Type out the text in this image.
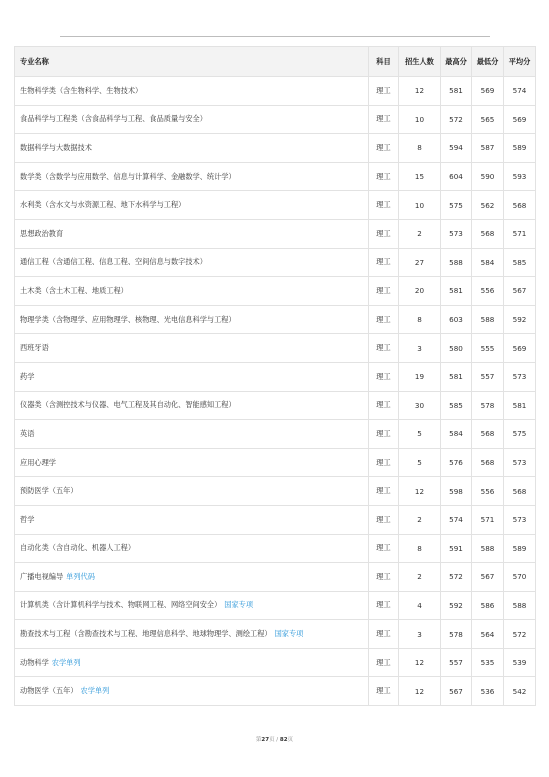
专业名称	科目	招生人数	最高分	最低分	平均分
生物科学类（含生物科学、生物技术）	理工	12	581	569	574
食品科学与工程类（含食品科学与工程、食品质量与安全）	理工	10	572	565	569
数据科学与大数据技术	理工	8	594	587	589
数学类（含数学与应用数学、信息与计算科学、金融数学、统计学）	理工	15	604	590	593
水利类（含水文与水资源工程、地下水科学与工程）	理工	10	575	562	568
思想政治教育	理工	2	573	568	571
通信工程（含通信工程、信息工程、空间信息与数字技术）	理工	27	588	584	585
土木类（含土木工程、地质工程）	理工	20	581	556	567
物理学类（含物理学、应用物理学、核物理、光电信息科学与工程）	理工	8	603	588	592
西班牙语	理工	3	580	555	569
药学	理工	19	581	557	573
仪器类（含测控技术与仪器、电气工程及其自动化、智能感知工程）	理工	30	585	578	581
英语	理工	5	584	568	575
应用心理学	理工	5	576	568	573
预防医学（五年）	理工	12	598	556	568
哲学	理工	2	574	571	573
自动化类（含自动化、机器人工程）	理工	8	591	588	589
广播电视编导 单列代码	理工	2	572	567	570
计算机类（含计算机科学与技术、物联网工程、网络空间安全） 国家专项	理工	4	592	586	588
勘查技术与工程（含勘查技术与工程、地理信息科学、地球物理学、测绘工程） 国家专项	理工	3	578	564	572
动物科学 农学单列	理工	12	557	535	539
动物医学（五年） 农学单列	理工	12	567	536	542
第27页 / 82页
